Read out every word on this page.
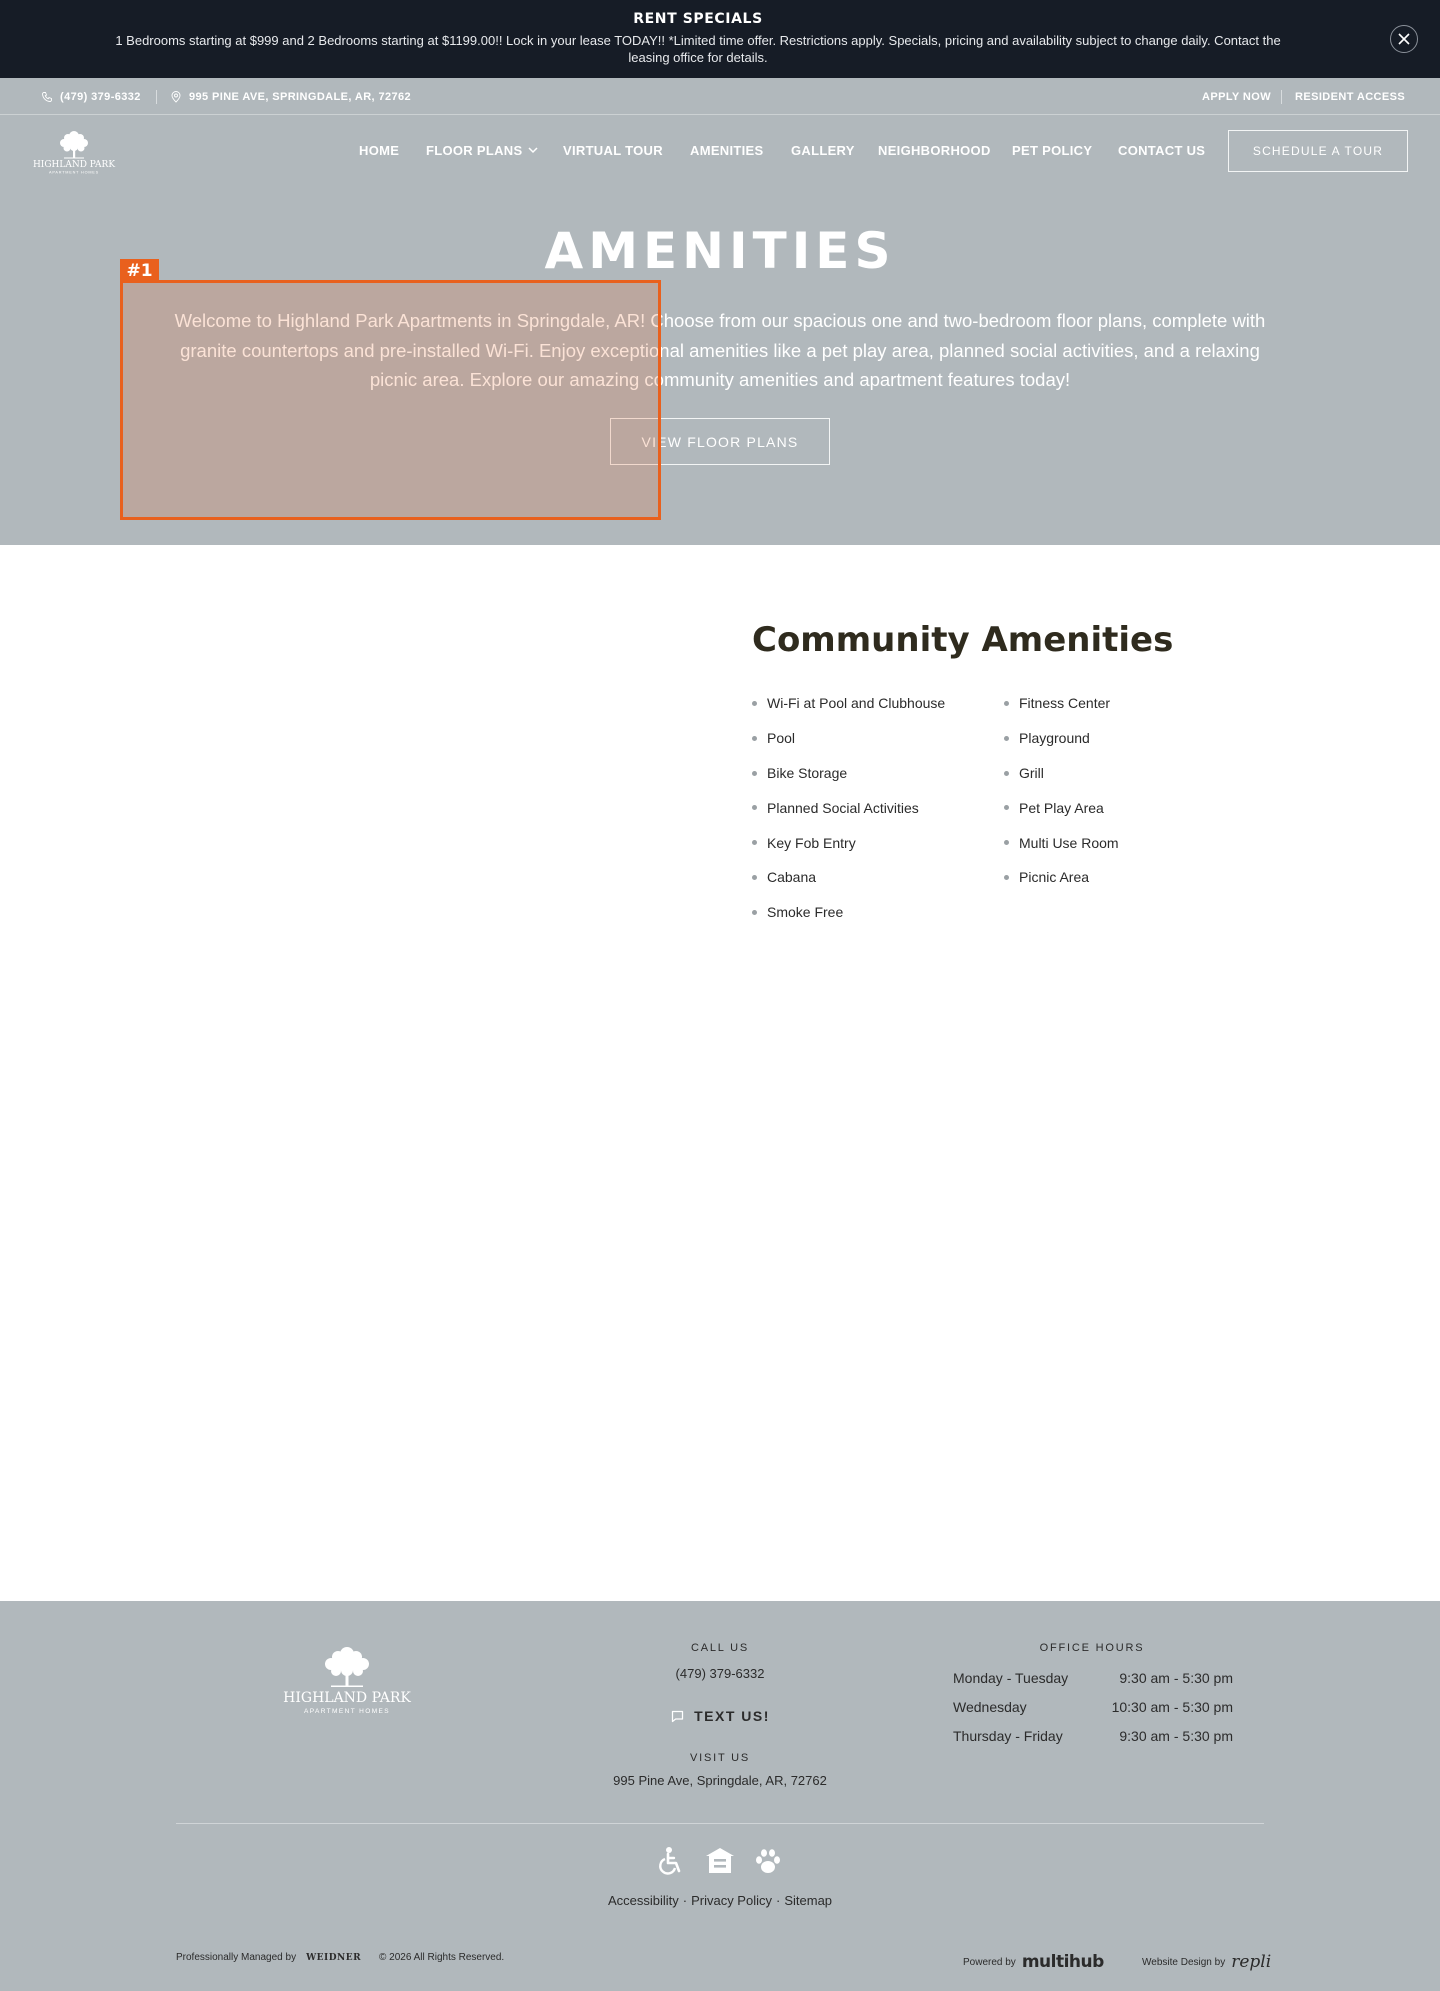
RENT SPECIALS
1 Bedrooms starting at $999 and 2 Bedrooms starting at $1199.00!! Lock in your lease TODAY!! *Limited time offer. Restrictions apply. Specials, pricing and availability subject to change daily. Contact the leasing office for details.
(479) 379-6332	995 PINE AVE, SPRINGDALE, AR, 72762	APPLY NOW RESIDENT ACCESS
HIGHLAND PARK
APARTMENT HOMES
HOME FLOOR PLANS	VIRTUAL TOUR AMENITIES GALLERY NEIGHBORHOOD PET POLICY CONTACT US	SCHEDULE A TOUR
AMENITIES

Welcome to Highland Park Apartments in Springdale, AR! Choose from our spacious one and two-bedroom floor plans, complete with granite countertops and pre-installed Wi-Fi. Enjoy exceptional amenities like a pet play area, planned social activities, and a relaxing picnic area. Explore our amazing community amenities and apartment features today!

VIEW FLOOR PLANS
#1
Community Amenities
Wi-Fi at Pool and Clubhouse
Pool
Bike Storage
Planned Social Activities
Key Fob Entry
Cabana
Smoke Free
Fitness Center
Playground
Grill
Pet Play Area
Multi Use Room
Picnic Area
HIGHLAND PARK
APARTMENT HOMES
CALL US
(479) 379-6332
TEXT US!
VISIT US
995 Pine Ave, Springdale, AR, 72762
OFFICE HOURS
Monday - Tuesday	9:30 am - 5:30 pm
Wednesday	10:30 am - 5:30 pm
Thursday - Friday	9:30 am - 5:30 pm
Accessibility · Privacy Policy · Sitemap
Professionally Managed by WEIDNER © 2026 All Rights Reserved.	Powered by multihub	Website Design by repli
